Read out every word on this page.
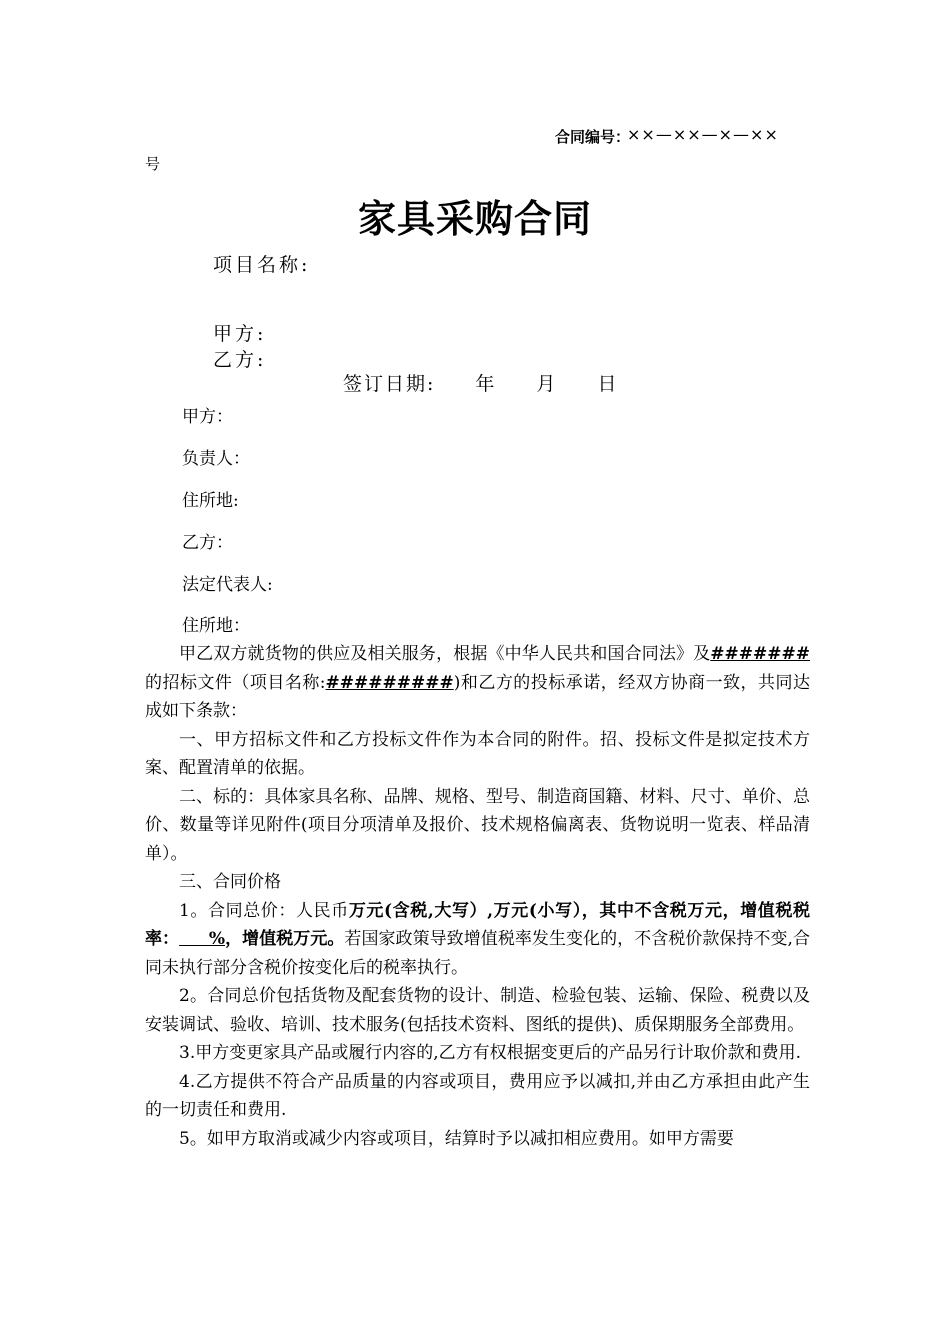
合同编号：
××—××—×—××
号
家具采购合同
项目名称:
甲方:
乙方:
签订日期: 年 月 日
甲方：
负责人：
住所地:
乙方：
法定代表人:
住所地：

甲乙双方就货物的供应及相关服务，根据《中华人民共和国合同法》及#######的招标文件（项目名称:#########)和乙方的投标承诺，经双方协商一致，共同达成如下条款：

一、甲方招标文件和乙方投标文件作为本合同的附件。招、投标文件是拟定技术方案、配置清单的依据。

二、标的：具体家具名称、品牌、规格、型号、制造商国籍、材料、尺寸、单价、总价、数量等详见附件(项目分项清单及报价、技术规格偏离表、货物说明一览表、样品清单）。

三、合同价格

1。合同总价：人民币万元(含税,大写）,万元(小写），其中不含税万元，增值税税率：     %，增值税万元。若国家政策导致增值税率发生变化的，不含税价款保持不变,合同未执行部分含税价按变化后的税率执行。

2。合同总价包括货物及配套货物的设计、制造、检验包装、运输、保险、税费以及安装调试、验收、培训、技术服务(包括技术资料、图纸的提供)、质保期服务全部费用。

3.甲方变更家具产品或履行内容的,乙方有权根据变更后的产品另行计取价款和费用.

4.乙方提供不符合产品质量的内容或项目，费用应予以减扣,并由乙方承担由此产生的一切责任和费用.

5。如甲方取消或减少内容或项目，结算时予以减扣相应费用。如甲方需要
